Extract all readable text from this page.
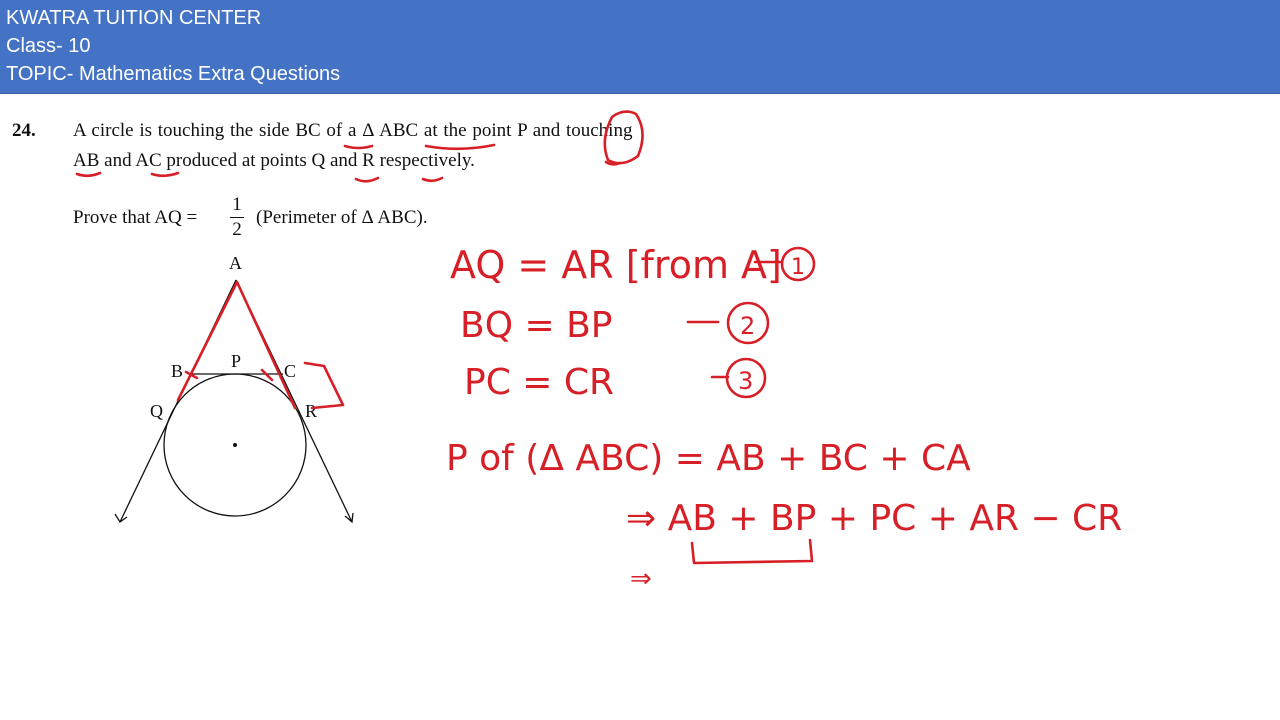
KWATRA TUITION CENTER
Class- 10
TOPIC- Mathematics Extra Questions
24. A circle is touching the side BC of a Δ ABC at the point P and touching
AB and AC produced at points Q and R respectively.
Prove that AQ =
1
2
(Perimeter of Δ ABC).
A
B	P C
Q	R
AQ = AR [from A] 1
BQ = BP	2
PC = CR	3
P of (Δ ABC) = AB + BC + CA
⇒ AB + BP + PC + AR − CR
⇒
